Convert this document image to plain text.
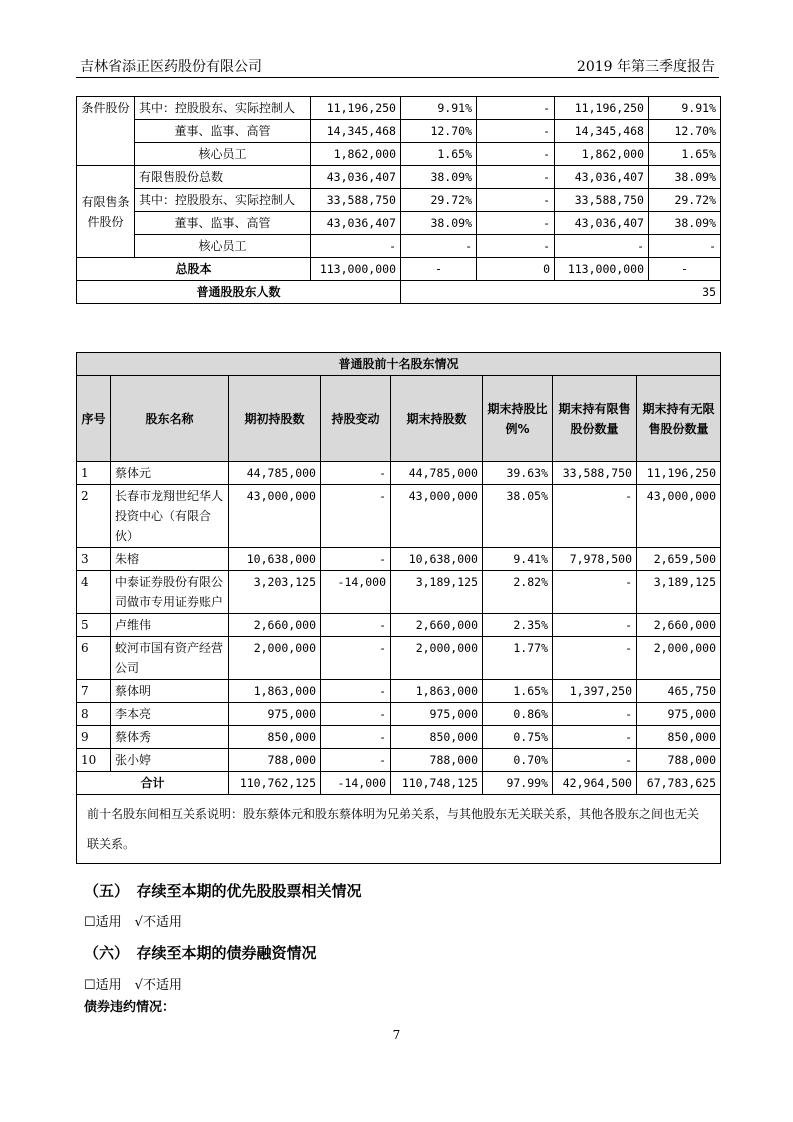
吉林省添正医药股份有限公司	2019 年第三季度报告
条件股份	其中：控股股东、实际控制人	11,196,250	9.91%	-	11,196,250	9.91%
	董事、监事、高管	14,345,468	12.70%	-	14,345,468	12.70%
	核心员工	1,862,000	1.65%	-	1,862,000	1.65%
有限售条件股份	有限售股份总数	43,036,407	38.09%	-	43,036,407	38.09%
	其中：控股股东、实际控制人	33,588,750	29.72%	-	33,588,750	29.72%
	董事、监事、高管	43,036,407	38.09%	-	43,036,407	38.09%
	核心员工	-	-	-	-	-
总股本		113,000,000	-	0	113,000,000	-
普通股股东人数			35			
普通股前十名股东情况							
序号	股东名称	期初持股数	持股变动	期末持股数	期末持股比例%	期末持有限售股份数量	期末持有无限售股份数量
1	蔡体元	44,785,000	-	44,785,000	39.63%	33,588,750	11,196,250
2	长春市龙翔世纪华人投资中心（有限合伙）	43,000,000	-	43,000,000	38.05%	-	43,000,000
3	朱榕	10,638,000	-	10,638,000	9.41%	7,978,500	2,659,500
4	中泰证券股份有限公司做市专用证券账户	3,203,125	-14,000	3,189,125	2.82%	-	3,189,125
5	卢维伟	2,660,000	-	2,660,000	2.35%	-	2,660,000
6	蛟河市国有资产经营公司	2,000,000	-	2,000,000	1.77%	-	2,000,000
7	蔡体明	1,863,000	-	1,863,000	1.65%	1,397,250	465,750
8	李本亮	975,000	-	975,000	0.86%	-	975,000
9	蔡体秀	850,000	-	850,000	0.75%	-	850,000
10	张小婷	788,000	-	788,000	0.70%	-	788,000
合计		110,762,125	-14,000	110,748,125	97.99%	42,964,500	67,783,625
前十名股东间相互关系说明：股东蔡体元和股东蔡体明为兄弟关系，与其他股东无关联关系，其他各股东之间也无关联关系。							
（五）　存续至本期的优先股股票相关情况
☐适用　√不适用
（六）　存续至本期的债券融资情况
☐适用　√不适用
债券违约情况：
7
